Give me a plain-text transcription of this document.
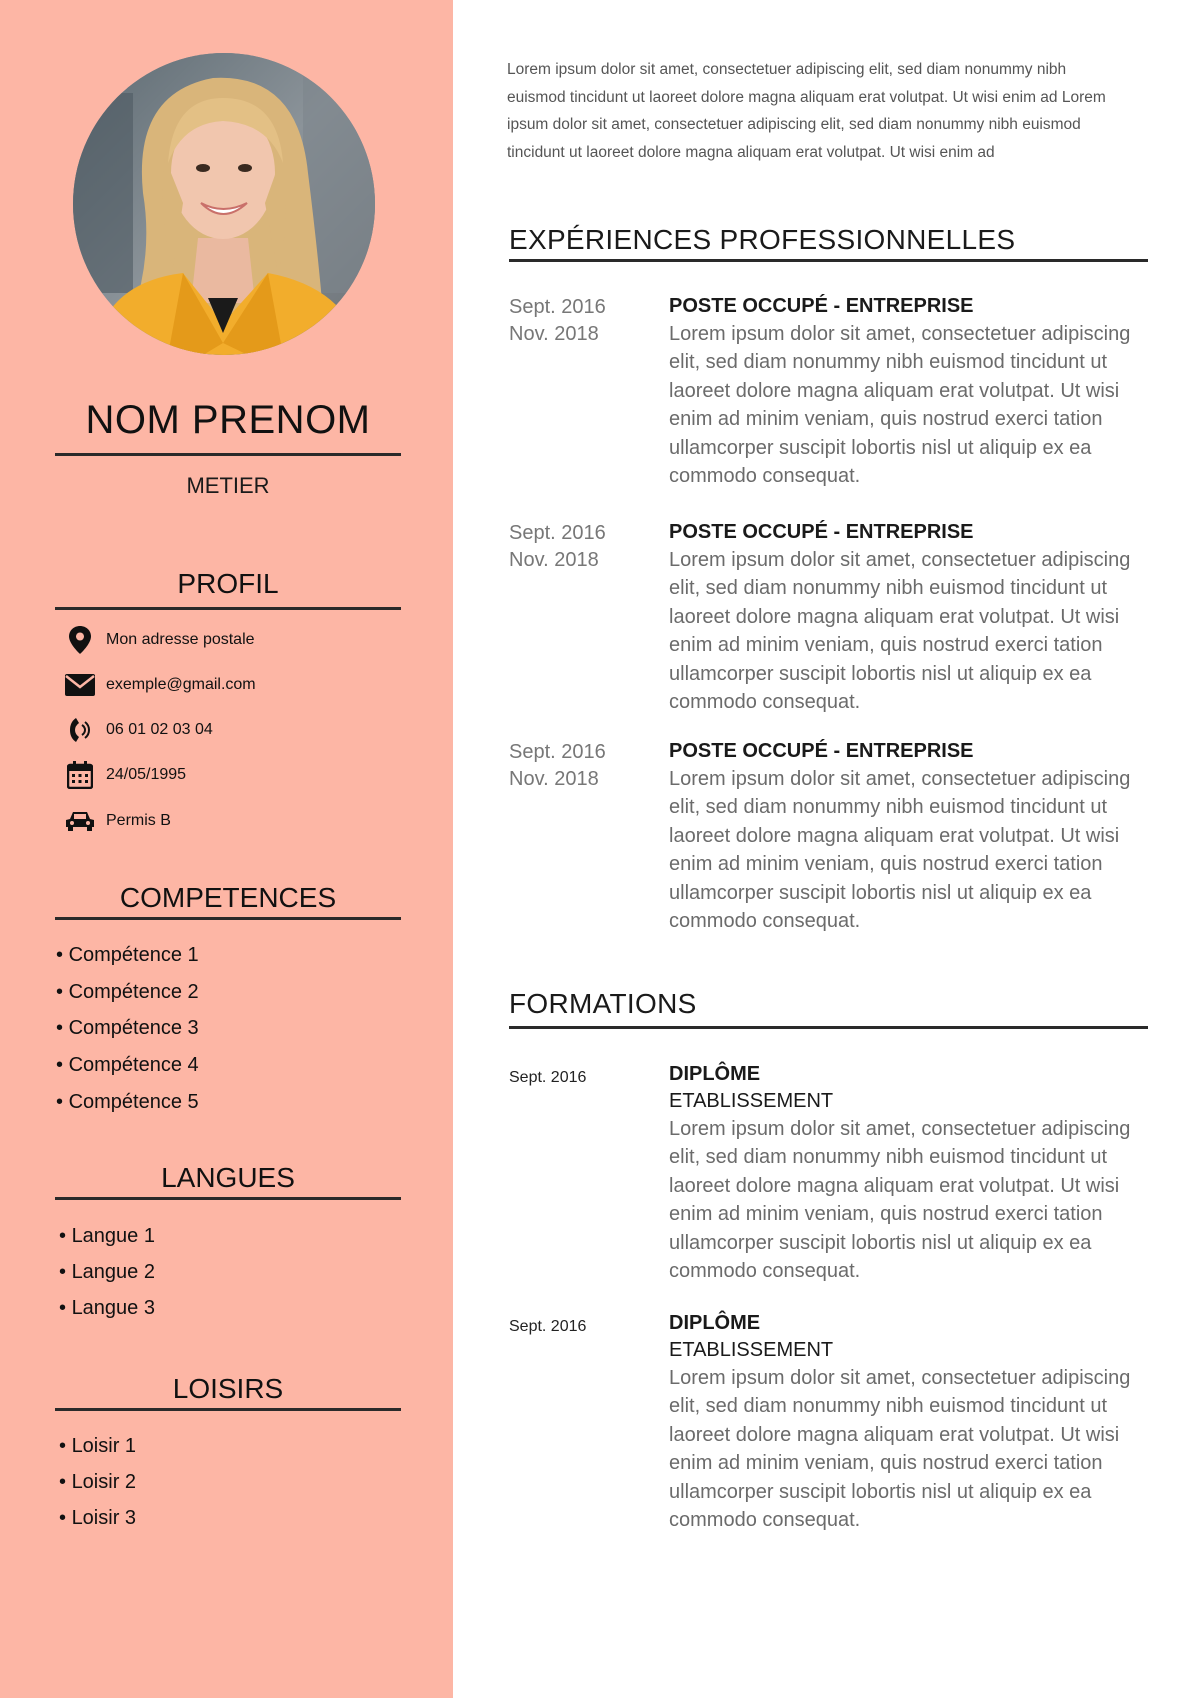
NOM PRENOM
METIER
PROFIL
Mon adresse postale
exemple@gmail.com
06 01 02 03 04
24/05/1995
Permis B
COMPETENCES
• Compétence 1
• Compétence 2
• Compétence 3
• Compétence 4
• Compétence 5
LANGUES
• Langue 1
• Langue 2
• Langue 3
LOISIRS
• Loisir 1
• Loisir 2
• Loisir 3
Lorem ipsum dolor sit amet, consectetuer adipiscing elit, sed diam nonummy nibh euismod tincidunt ut laoreet dolore magna aliquam erat volutpat. Ut wisi enim ad Lorem ipsum dolor sit amet, consectetuer adipiscing elit, sed diam nonummy nibh euismod tincidunt ut laoreet dolore magna aliquam erat volutpat. Ut wisi enim ad
EXPÉRIENCES PROFESSIONNELLES
Sept. 2016
Nov. 2018
POSTE OCCUPÉ - ENTREPRISE
Lorem ipsum dolor sit amet, consectetuer adipiscing elit, sed diam nonummy nibh euismod tincidunt ut laoreet dolore magna aliquam erat volutpat. Ut wisi enim ad minim veniam, quis nostrud exerci tation ullamcorper suscipit lobortis nisl ut aliquip ex ea commodo consequat.
Sept. 2016
Nov. 2018
POSTE OCCUPÉ - ENTREPRISE
Lorem ipsum dolor sit amet, consectetuer adipiscing elit, sed diam nonummy nibh euismod tincidunt ut laoreet dolore magna aliquam erat volutpat. Ut wisi enim ad minim veniam, quis nostrud exerci tation ullamcorper suscipit lobortis nisl ut aliquip ex ea commodo consequat.
Sept. 2016
Nov. 2018
POSTE OCCUPÉ - ENTREPRISE
Lorem ipsum dolor sit amet, consectetuer adipiscing elit, sed diam nonummy nibh euismod tincidunt ut laoreet dolore magna aliquam erat volutpat. Ut wisi enim ad minim veniam, quis nostrud exerci tation ullamcorper suscipit lobortis nisl ut aliquip ex ea commodo consequat.
FORMATIONS
Sept. 2016	DIPLÔME
ETABLISSEMENT
Lorem ipsum dolor sit amet, consectetuer adipiscing elit, sed diam nonummy nibh euismod tincidunt ut laoreet dolore magna aliquam erat volutpat. Ut wisi enim ad minim veniam, quis nostrud exerci tation ullamcorper suscipit lobortis nisl ut aliquip ex ea commodo consequat.
Sept. 2016	DIPLÔME
ETABLISSEMENT
Lorem ipsum dolor sit amet, consectetuer adipiscing elit, sed diam nonummy nibh euismod tincidunt ut laoreet dolore magna aliquam erat volutpat. Ut wisi enim ad minim veniam, quis nostrud exerci tation ullamcorper suscipit lobortis nisl ut aliquip ex ea commodo consequat.
